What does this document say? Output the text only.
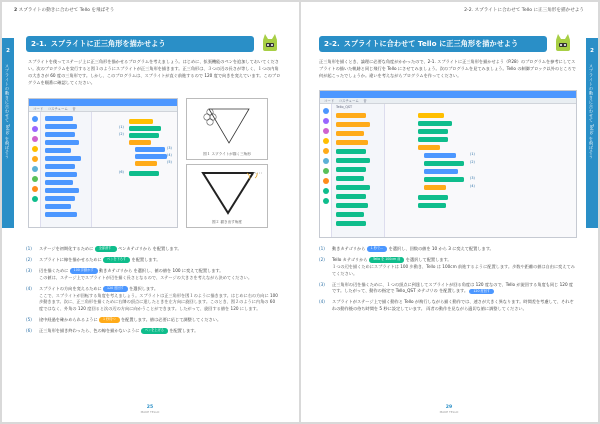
2 スプライトの動きに合わせて Tello を飛ばそう
2
スプライトの動きに合わせて Tello を飛ばそう
2-1. スプライトに正三角形を描かせよう
スプライトを使ってステージ上に正三角形を描かせるプログラムを考えましょう。はじめに、拡張機能のペンを追加しておいてください。次のプログラムを実行すると図１のようにスプライトが正三角形を描きます。正三角形は、３つの辺の長さが等しく、１つの内角の大きさが 60 度の三角形です。しかし、このプログラムは、スプライトが直ぐ前進するので 120 度で向きを変えています。このプログラムを順番に確認してください。
コード　 コスチューム　 音
(1)
(2)
(3)
(4)
(5)
(6)
図１ スプライトが描く三角形
図２ 描き出す角度
(1) ステージを初期化するために 全部消す ペンカテゴリから を配置します。
(2) スプライトに線を描かせるために ペンを下ろす を配置します。
(3) 辺を描くために 100 歩動かす 動きカテゴリから を選択し、値の値を 100 に変えて配置します。
この値は、ステージ上でスプライトが辺を描く長さとなるので、ステージの大きさを考えながら決めてください。
(4) スプライトの方向を変えるために 120 度回す を選択します。
ここで、スプライトが回転する角度を考えましょう。スプライトは正三角形を図１のように描きます。はじめに右の方向に 100 歩動きます。次に、正三角形を描くために右隣の頂点に達したときを左方向に旋回します。このとき、図２のように内角の 60 度ではなく、外角の 120 度回ると次の辺の方向に向かうことができます。したがって、旋回する値を 120 にします。
(5) 途中経過を確かめられるように 1 秒待つ を配置します。値は必要に応じて調整してください。
(6) 正三角形を描き終わったら、色の線を描かないように ペンを上げる を配置します。
25
MAKE TELLO
2-2. スプライトに合わせて Tello に正三角形を描かせよう
2
スプライトの動きに合わせて Tello を飛ばそう
2-2. スプライトに合わせて Tello に正三角形を描かせよう
正三角形を描くとき、論理に必要な角度がかかったので、2-1. スプライトに正三角形を描かせよう（P.28）のプログラムを参考にしてスプライトの描いた軌跡と同じ飛行を Tello にさせてみましょう。次のプログラムを見てみましょう。Tello の制御ブロック以外のところで何が起こったでしょうか。違いを考えながらプログラムを作ってください。
コード　 コスチューム　 音
Tello_QST
(1)
(2)
(3)
(4)
(1) 動きカテゴリから 1 秒で… を選択し、回数の値を 10 から 3 に変えて配置します。
(2) Tello カテゴリから Tello を 100cm 前 を選択して配置します。
１つの辺を描くためにスプライトは 100 歩動き、Tello は 100cm 前進するように配置します。歩数や距離の値は自由に変えてみてください。
(3) 正三角形の辺を描くために、１つの頂点に到達してスプライトが回る角度は 120 度なので、Tello が旋回する角度も同じ 120 度です。したがって、動作の指定で Tello_QST カテゴリの を配置します。 120 度回す
(4) スプライトがステージ上で描く動作と Tello が飛行しながら描く動作では、速さが大きく異なります。時間差を考慮して、それぞれの動作後の待ち時間を 5 秒に設定しています。 両者の動作を見ながら適切な値に調整してください。
29
MAKE TELLO
